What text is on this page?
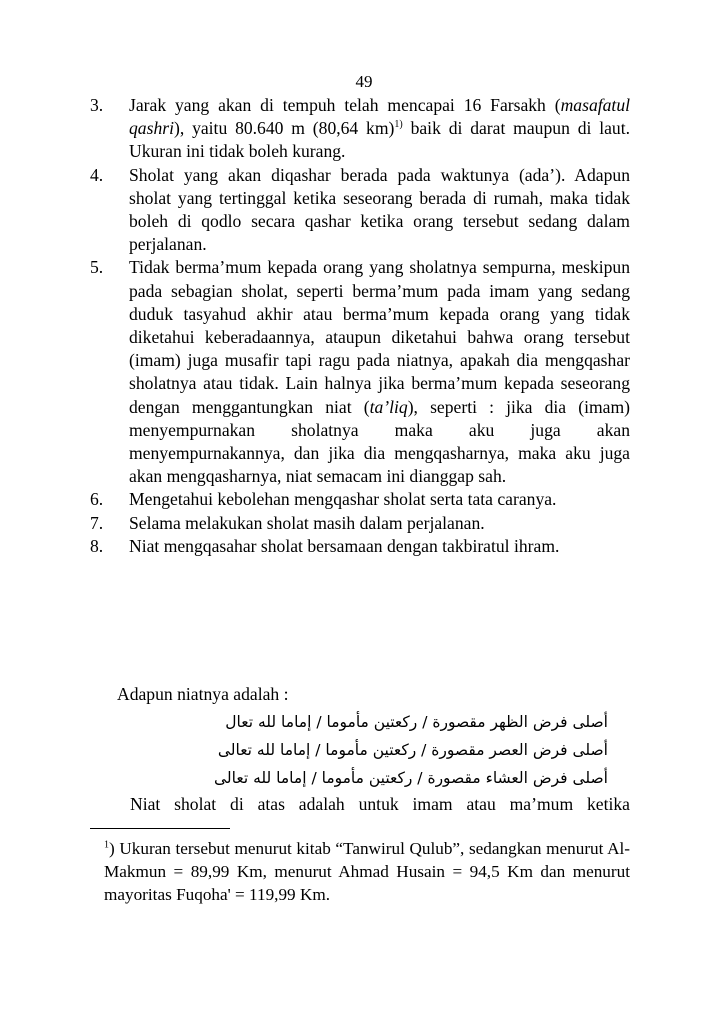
49
3. Jarak yang akan di tempuh telah mencapai 16 Farsakh (masafatul qashri), yaitu 80.640 m (80,64 km)$^{1)}$ baik di darat maupun di laut. Ukuran ini tidak boleh kurang.
4. Sholat yang akan diqashar berada pada waktunya (ada’). Adapun sholat yang tertinggal ketika seseorang berada di rumah, maka tidak boleh di qodlo secara qashar ketika orang tersebut sedang dalam perjalanan.
5. Tidak berma’mum kepada orang yang sholatnya sempurna, meskipun pada sebagian sholat, seperti berma’mum pada imam yang sedang duduk tasyahud akhir atau berma’mum kepada orang yang tidak diketahui keberadaannya, ataupun diketahui bahwa orang tersebut (imam) juga musafir tapi ragu pada niatnya, apakah dia mengqashar sholatnya atau tidak. Lain halnya jika berma’mum kepada seseorang dengan menggantungkan niat (ta’liq), seperti : jika dia (imam) menyempurnakan sholatnya maka aku juga akan menyempurnakannya, dan jika dia mengqasharnya, maka aku juga akan mengqasharnya, niat semacam ini dianggap sah.
6. Mengetahui kebolehan mengqashar sholat serta tata caranya.
7. Selama melakukan sholat masih dalam perjalanan.
8. Niat mengqasahar sholat bersamaan dengan takbiratul ihram.
Adapun niatnya adalah :
أصلى فرض الظهر مقصورة / ركعتين مأموما / إماما لله تعال
أصلى فرض العصر مقصورة / ركعتين مأموما / إماما لله تعالى
أصلى فرض العشاء مقصورة / ركعتين مأموما / إماما لله تعالى
Niat sholat di atas adalah untuk imam atau ma’mum ketika
$^1$) Ukuran tersebut menurut kitab “Tanwirul Qulub”, sedangkan menurut Al-Makmun = 89,99 Km, menurut Ahmad Husain = 94,5 Km dan menurut mayoritas Fuqoha' = 119,99 Km.
